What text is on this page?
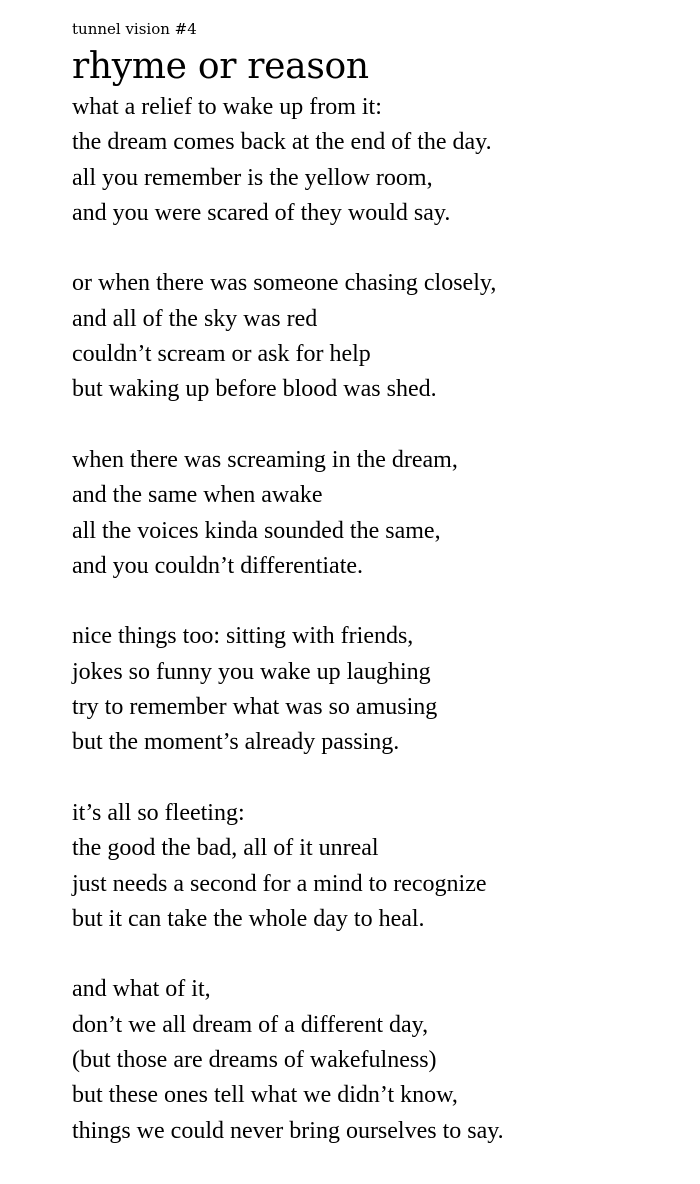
tunnel vision #4

rhyme or reason
what a relief to wake up from it:
the dream comes back at the end of the day.
all you remember is the yellow room,
and you were scared of they would say.
or when there was someone chasing closely,
and all of the sky was red
couldn’t scream or ask for help
but waking up before blood was shed.
when there was screaming in the dream,
and the same when awake
all the voices kinda sounded the same,
and you couldn’t differentiate.
nice things too: sitting with friends,
jokes so funny you wake up laughing
try to remember what was so amusing
but the moment’s already passing.
it’s all so fleeting:
the good the bad, all of it unreal
just needs a second for a mind to recognize
but it can take the whole day to heal.
and what of it,
don’t we all dream of a different day,
(but those are dreams of wakefulness)
but these ones tell what we didn’t know,
things we could never bring ourselves to say.
